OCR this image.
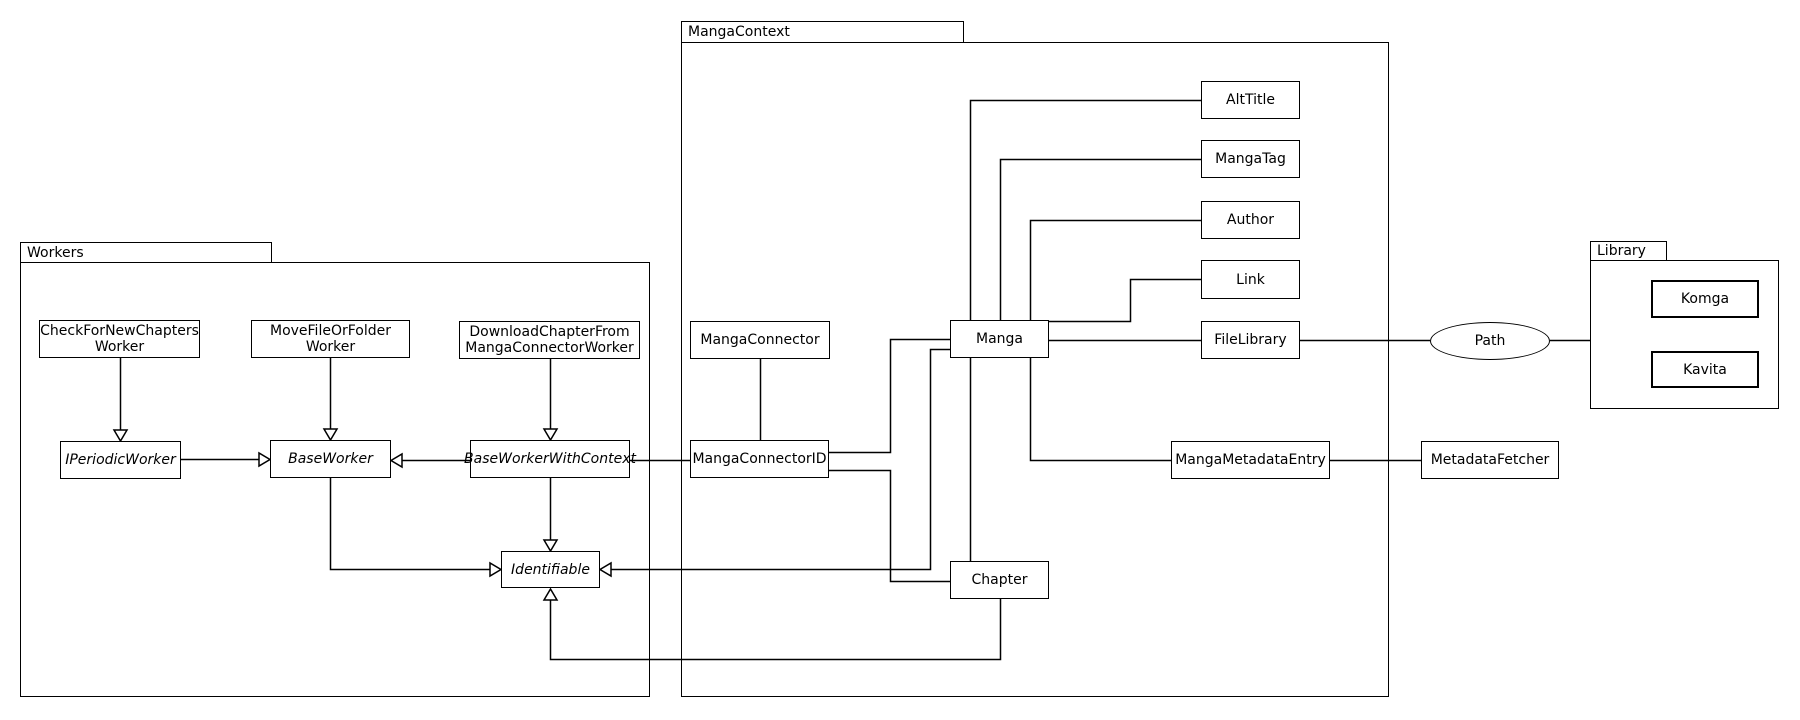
Workers
MangaContext
Library
CheckForNewChapters
Worker
MoveFileOrFolder
Worker
DownloadChapterFrom
MangaConnectorWorker
IPeriodicWorker	BaseWorker	BaseWorkerWithContext
Identifiable
MangaConnector
MangaConnectorID
Manga
Chapter
AltTitle
MangaTag
Author
Link
FileLibrary
MangaMetadataEntry	MetadataFetcher
Path
Komga
Kavita
